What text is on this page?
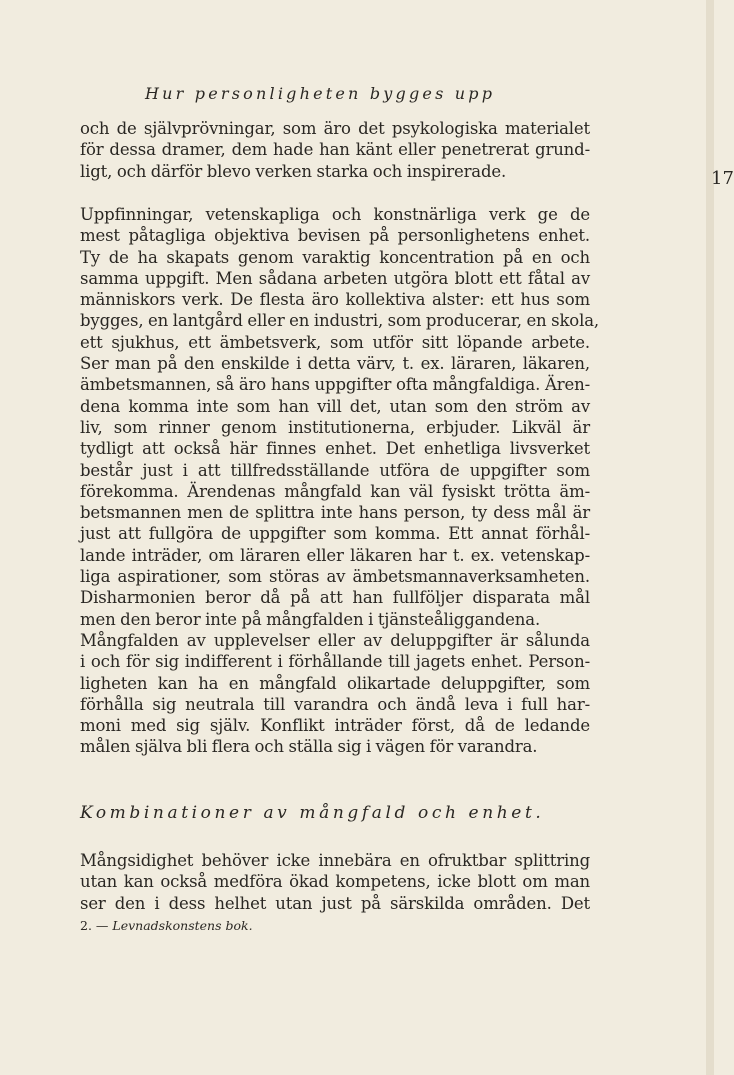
Hur personligheten bygges upp
17
och de självprövningar, som äro det psykologiska materialet
för dessa dramer, dem hade han känt eller penetrerat grund-
ligt, och därför blevo verken starka och inspirerade.
Uppfinningar, vetenskapliga och konstnärliga verk ge de
mest påtagliga objektiva bevisen på personlighetens enhet.
Ty de ha skapats genom varaktig koncentration på en och
samma uppgift. Men sådana arbeten utgöra blott ett fåtal av
människors verk. De flesta äro kollektiva alster: ett hus som
bygges, en lantgård eller en industri, som producerar, en skola,
ett sjukhus, ett ämbetsverk, som utför sitt löpande arbete.
Ser man på den enskilde i detta värv, t. ex. läraren, läkaren,
ämbetsmannen, så äro hans uppgifter ofta mångfaldiga. Ären-
dena komma inte som han vill det, utan som den ström av
liv, som rinner genom institutionerna, erbjuder. Likväl är
tydligt att också här finnes enhet. Det enhetliga livsverket
består just i att tillfredsställande utföra de uppgifter som
förekomma. Ärendenas mångfald kan väl fysiskt trötta äm-
betsmannen men de splittra inte hans person, ty dess mål är
just att fullgöra de uppgifter som komma. Ett annat förhål-
lande inträder, om läraren eller läkaren har t. ex. vetenskap-
liga aspirationer, som störas av ämbetsmannaverksamheten.
Disharmonien beror då på att han fullföljer disparata mål
men den beror inte på mångfalden i tjänsteåliggandena.
Mångfalden av upplevelser eller av deluppgifter är sålunda
i och för sig indifferent i förhållande till jagets enhet. Person-
ligheten kan ha en mångfald olikartade deluppgifter, som
förhålla sig neutrala till varandra och ändå leva i full har-
moni med sig själv. Konflikt inträder först, då de ledande
målen själva bli flera och ställa sig i vägen för varandra.
Kombinationer av mångfald och enhet.
Mångsidighet behöver icke innebära en ofruktbar splittring
utan kan också medföra ökad kompetens, icke blott om man
ser den i dess helhet utan just på särskilda områden. Det
2. — Levnadskonstens bok.
